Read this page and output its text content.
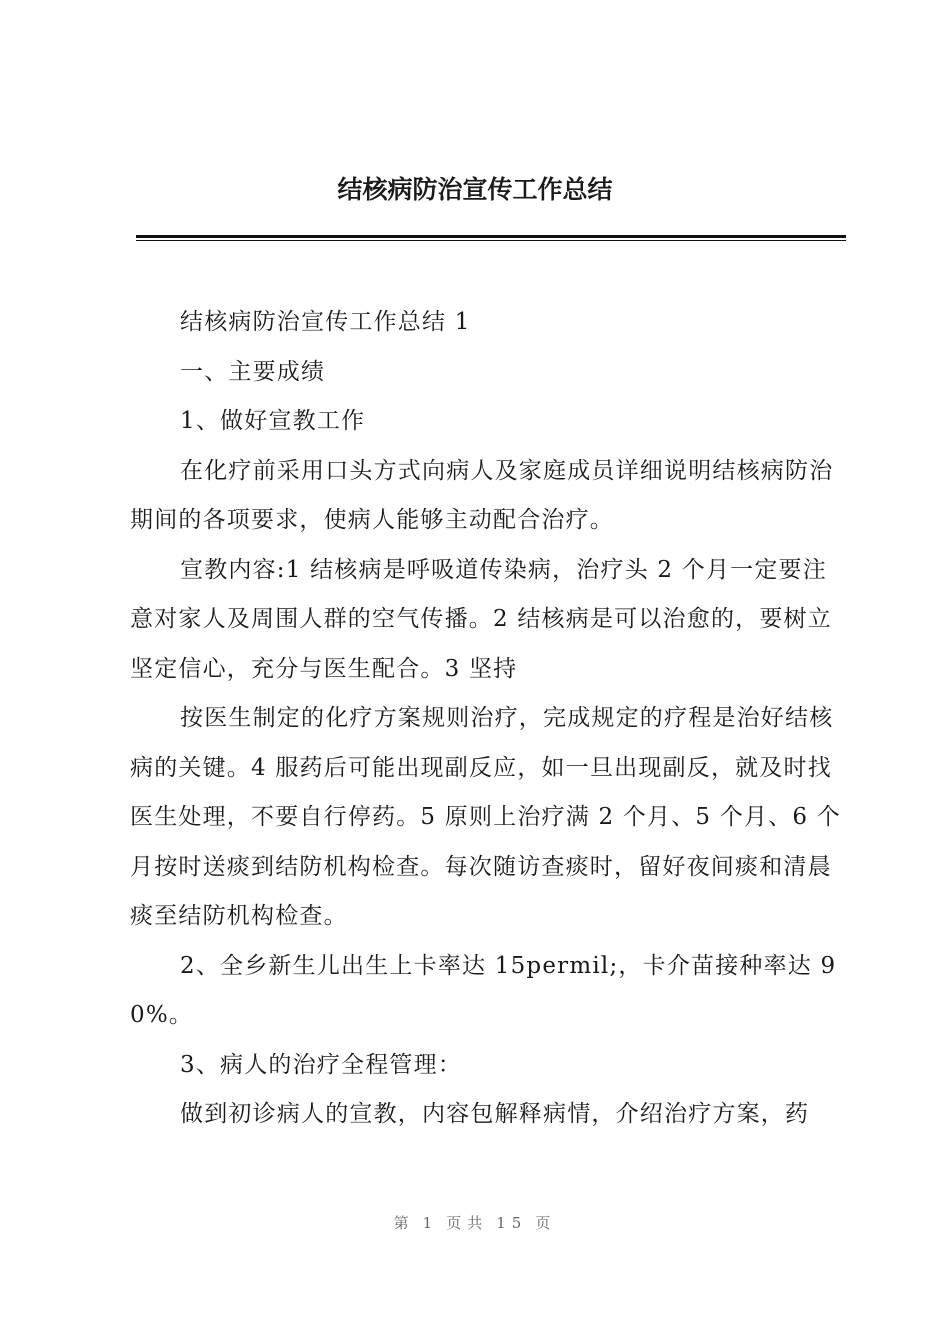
结核病防治宣传工作总结

结核病防治宣传工作总结 1

一、主要成绩

1、做好宣教工作

在化疗前采用口头方式向病人及家庭成员详细说明结核病防治期间的各项要求，使病人能够主动配合治疗。

宣教内容:1 结核病是呼吸道传染病，治疗头 2 个月一定要注意对家人及周围人群的空气传播。2 结核病是可以治愈的，要树立坚定信心，充分与医生配合。3 坚持

按医生制定的化疗方案规则治疗，完成规定的疗程是治好结核病的关键。4 服药后可能出现副反应，如一旦出现副反，就及时找医生处理，不要自行停药。5 原则上治疗满 2 个月、5 个月、6 个月按时送痰到结防机构检查。每次随访查痰时，留好夜间痰和清晨痰至结防机构检查。

2、全乡新生儿出生上卡率达 15permil;，卡介苗接种率达 90%。

3、病人的治疗全程管理：

做到初诊病人的宣教，内容包解释病情，介绍治疗方案，药

第 1 页共 15 页
